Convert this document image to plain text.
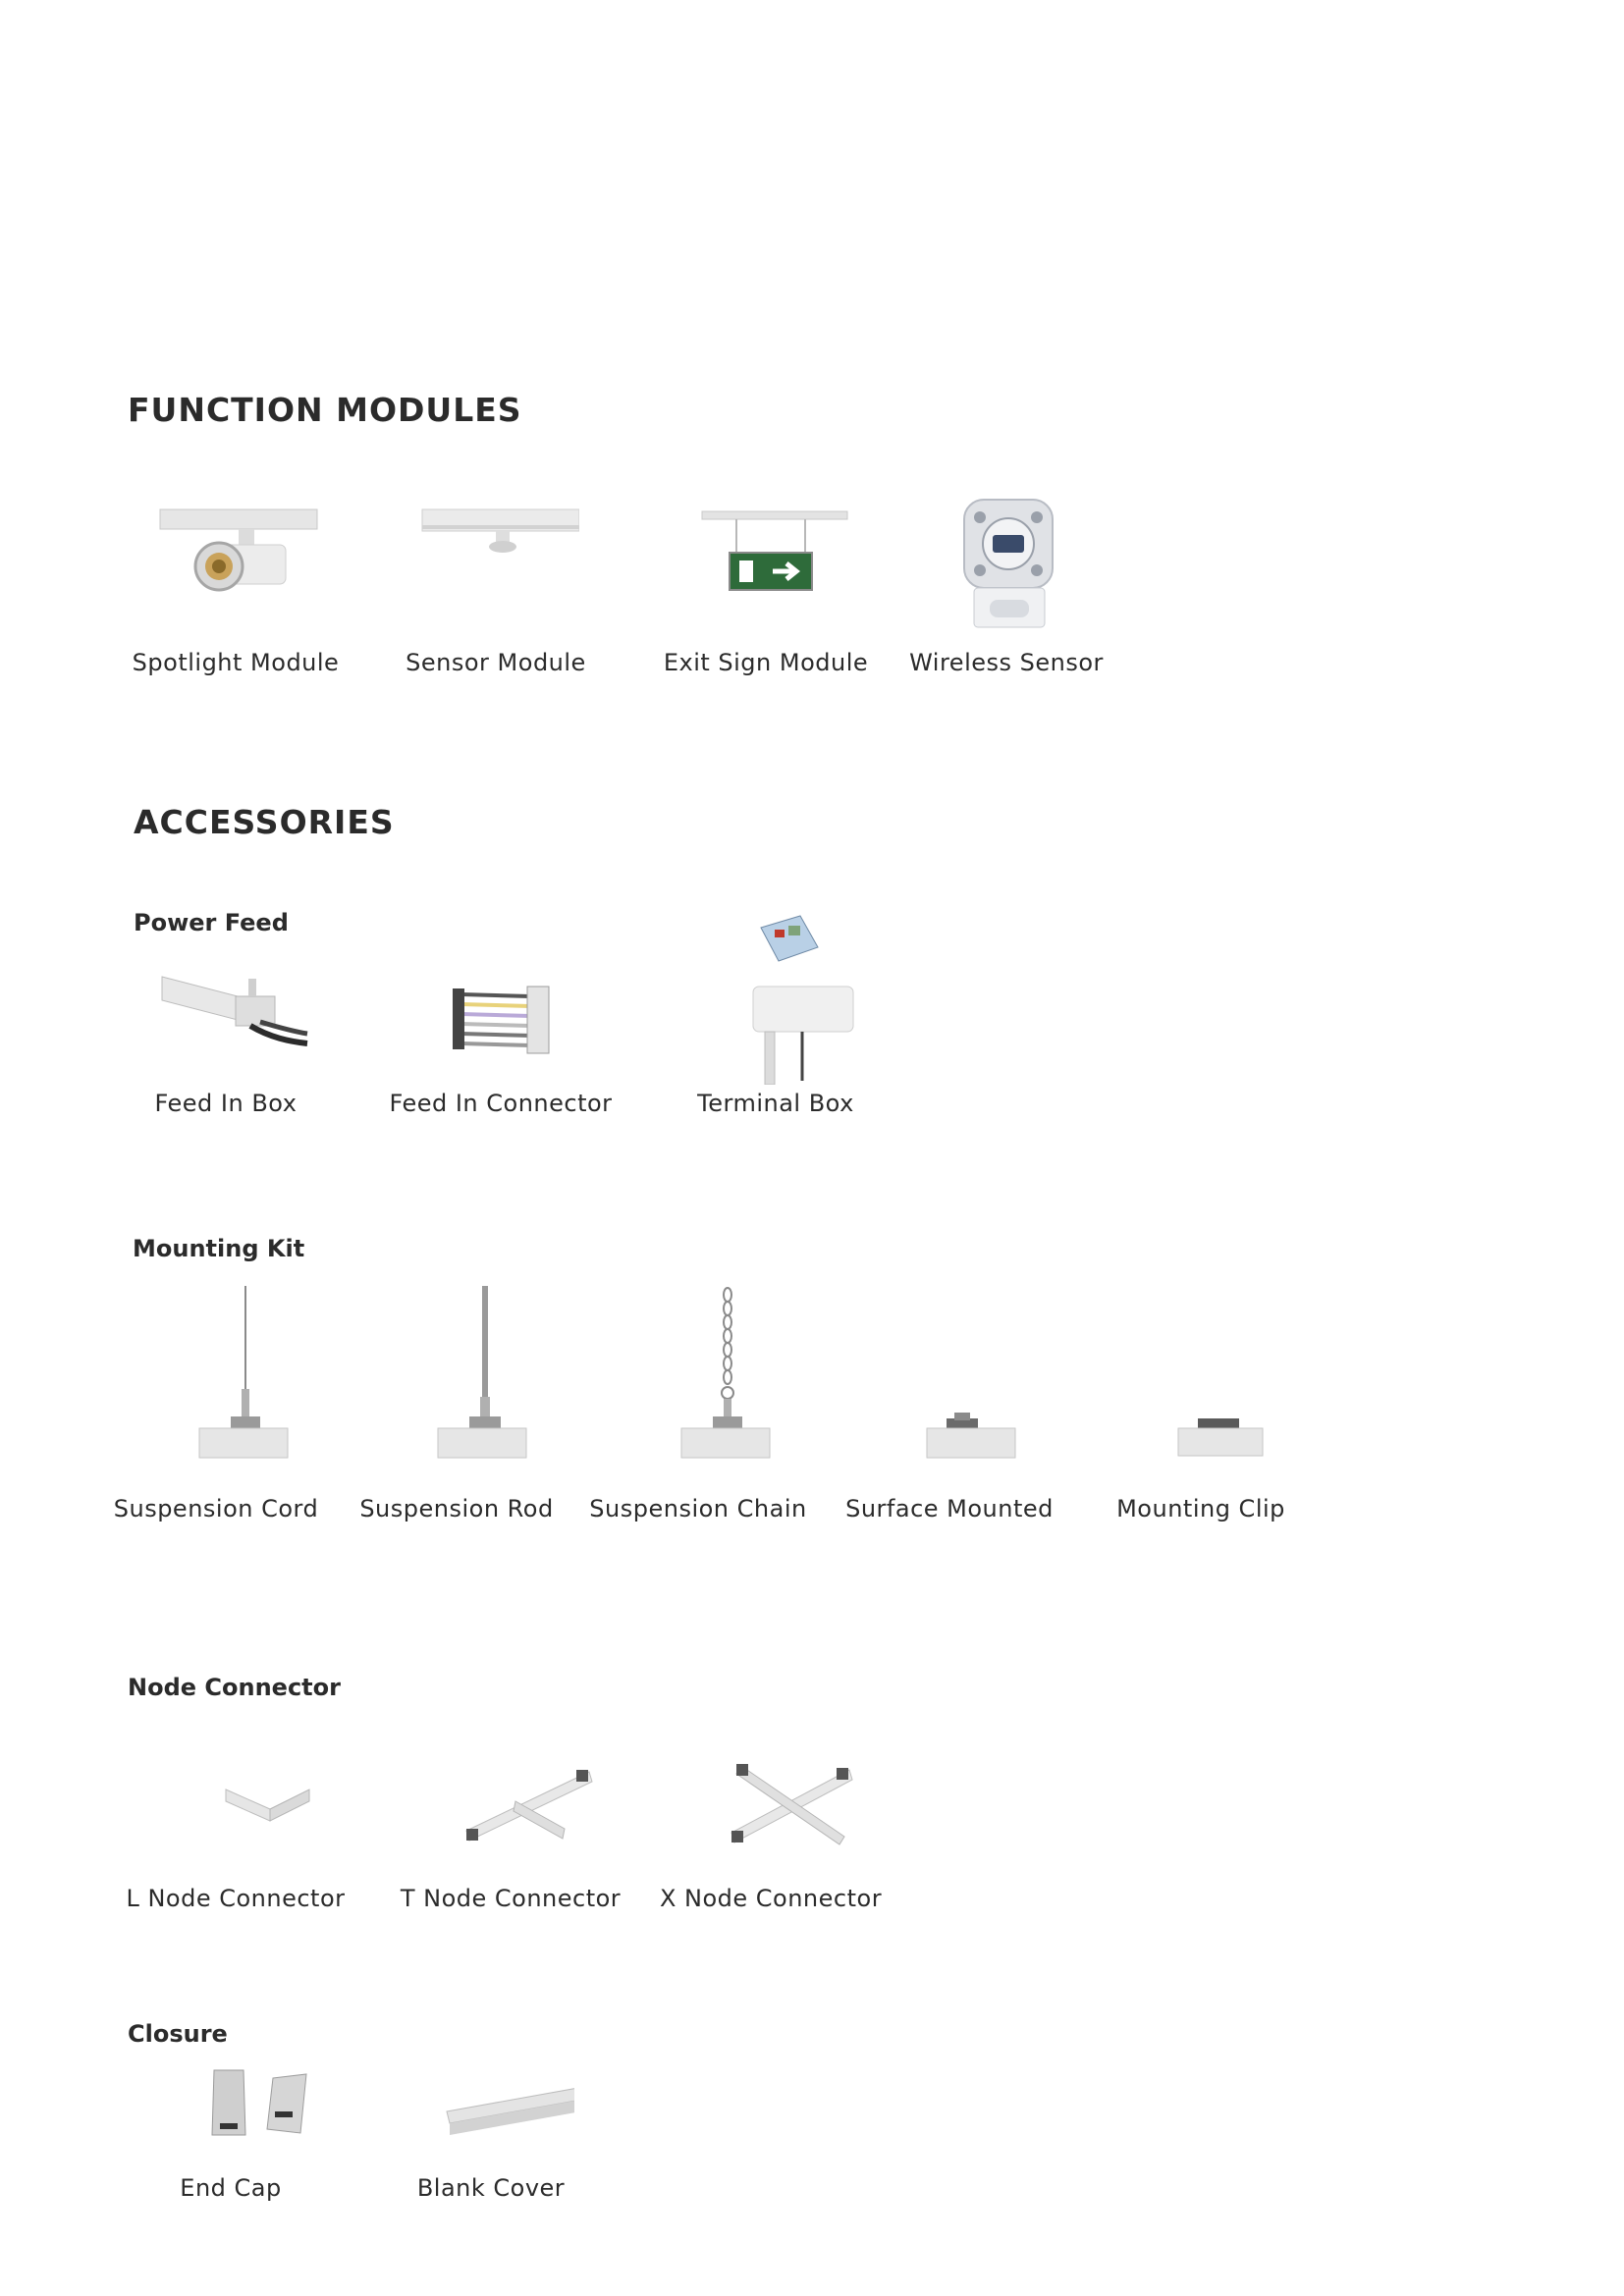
FUNCTION MODULES
Spotlight Module	Sensor Module	Exit Sign Module	Wireless Sensor
ACCESSORIES
Power Feed
Feed In Box	Feed In Connector	Terminal Box
Mounting Kit
Suspension Cord	Suspension Rod	Suspension Chain	Surface Mounted	Mounting Clip
Node Connector
L Node Connector T Node Connector X Node Connector
Closure
End Cap	Blank Cover
